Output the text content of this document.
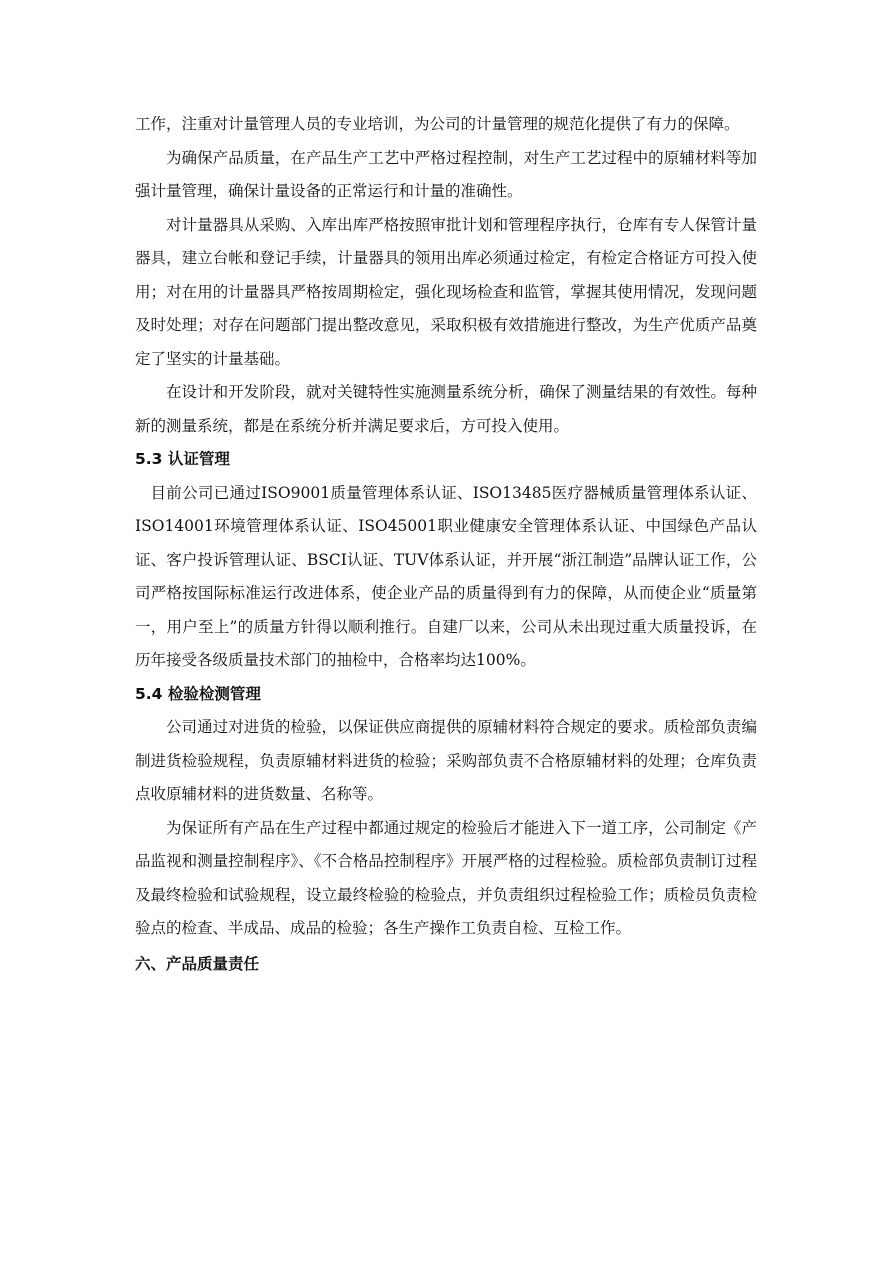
工作，注重对计量管理人员的专业培训，为公司的计量管理的规范化提供了有力的保障。

为确保产品质量，在产品生产工艺中严格过程控制，对生产工艺过程中的原辅材料等加强计量管理，确保计量设备的正常运行和计量的准确性。

对计量器具从采购、入库出库严格按照审批计划和管理程序执行，仓库有专人保管计量器具，建立台帐和登记手续，计量器具的领用出库必须通过检定，有检定合格证方可投入使用；对在用的计量器具严格按周期检定，强化现场检查和监管，掌握其使用情况，发现问题及时处理；对存在问题部门提出整改意见，采取积极有效措施进行整改，为生产优质产品奠定了坚实的计量基础。

在设计和开发阶段，就对关键特性实施测量系统分析，确保了测量结果的有效性。每种新的测量系统，都是在系统分析并满足要求后，方可投入使用。

5.3 认证管理

目前公司已通过ISO9001质量管理体系认证、ISO13485医疗器械质量管理体系认证、ISO14001环境管理体系认证、ISO45001职业健康安全管理体系认证、中国绿色产品认证、客户投诉管理认证、BSCI认证、TUV体系认证，并开展“浙江制造”品牌认证工作，公司严格按国际标准运行改进体系，使企业产品的质量得到有力的保障，从而使企业“质量第一，用户至上”的质量方针得以顺利推行。自建厂以来，公司从未出现过重大质量投诉，在历年接受各级质量技术部门的抽检中，合格率均达100%。

5.4 检验检测管理

公司通过对进货的检验，以保证供应商提供的原辅材料符合规定的要求。质检部负责编制进货检验规程，负责原辅材料进货的检验；采购部负责不合格原辅材料的处理；仓库负责点收原辅材料的进货数量、名称等。

为保证所有产品在生产过程中都通过规定的检验后才能进入下一道工序，公司制定《产品监视和测量控制程序》、《不合格品控制程序》开展严格的过程检验。质检部负责制订过程及最终检验和试验规程，设立最终检验的检验点，并负责组织过程检验工作；质检员负责检验点的检查、半成品、成品的检验；各生产操作工负责自检、互检工作。

六、产品质量责任
